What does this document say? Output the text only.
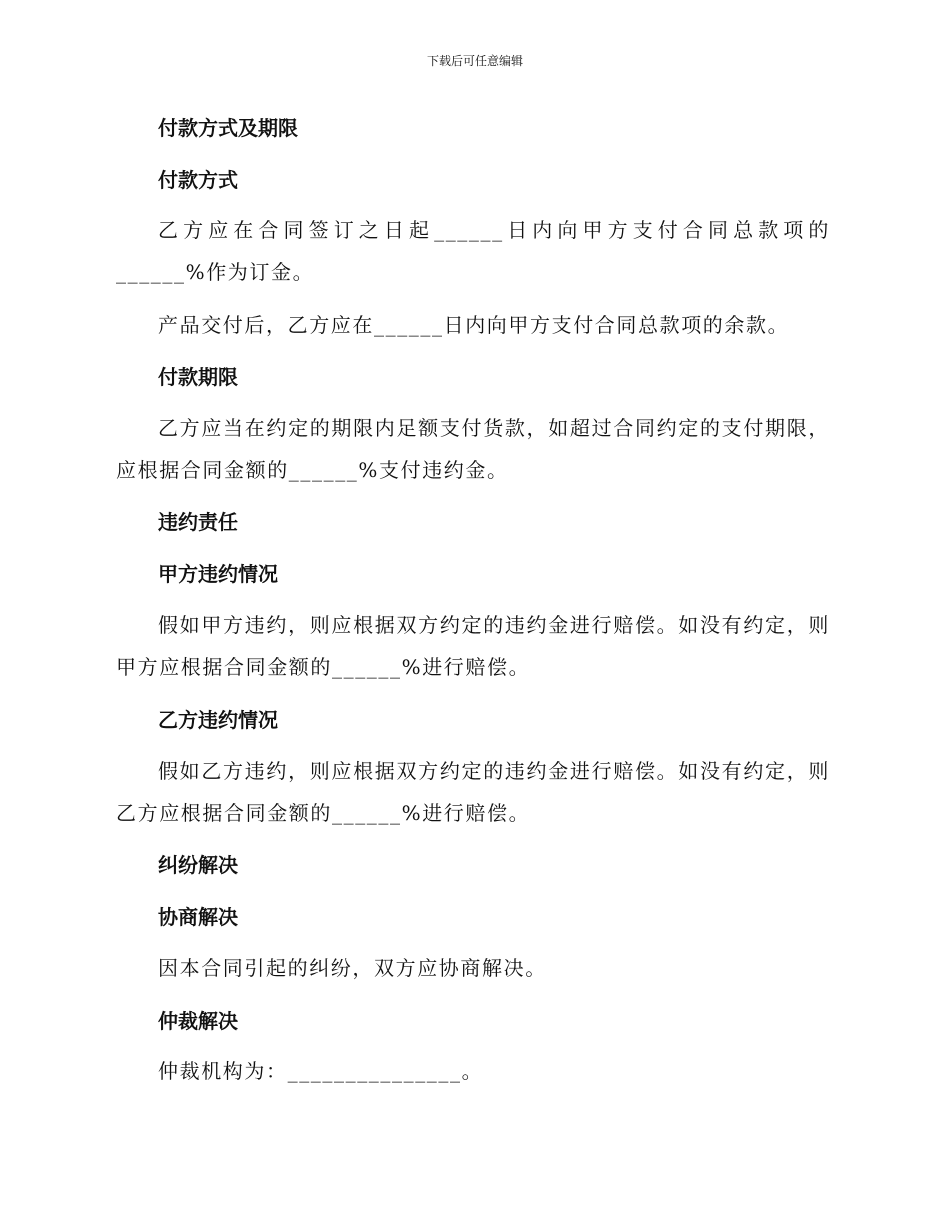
下载后可任意编辑
付款方式及期限
付款方式
乙方应在合同签订之日起______日内向甲方支付合同总款项的______%作为订金。
产品交付后，乙方应在______日内向甲方支付合同总款项的余款。
付款期限
乙方应当在约定的期限内足额支付货款，如超过合同约定的支付期限，应根据合同金额的______%支付违约金。
违约责任
甲方违约情况
假如甲方违约，则应根据双方约定的违约金进行赔偿。如没有约定，则甲方应根据合同金额的______%进行赔偿。
乙方违约情况
假如乙方违约，则应根据双方约定的违约金进行赔偿。如没有约定，则乙方应根据合同金额的______%进行赔偿。
纠纷解决
协商解决
因本合同引起的纠纷，双方应协商解决。
仲裁解决
仲裁机构为：_______________。
